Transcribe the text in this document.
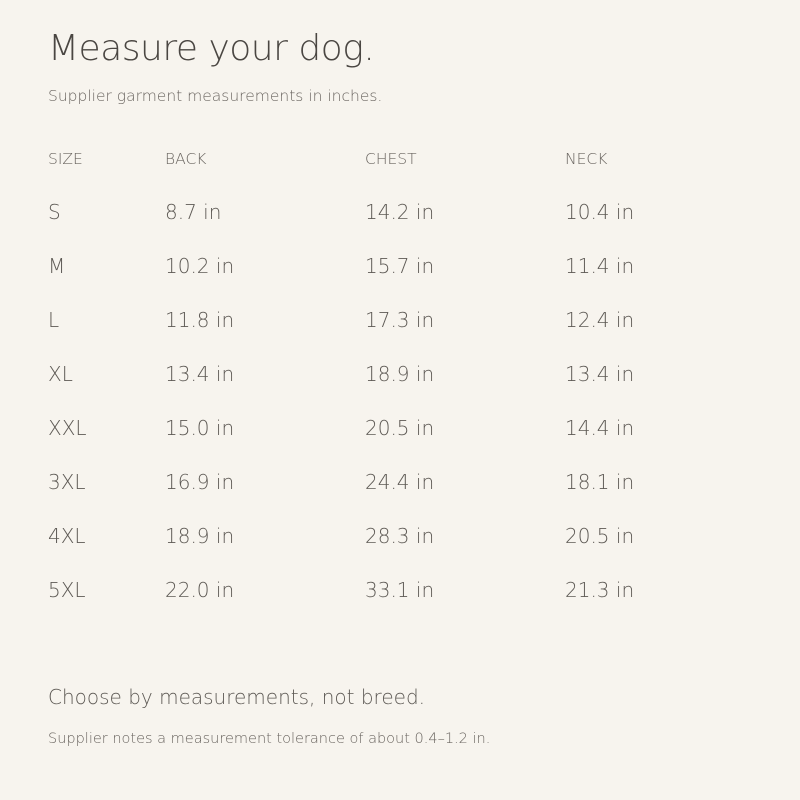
Measure your dog.
Supplier garment measurements in inches.
SIZE	BACK	CHEST	NECK
S	8.7 in	14.2 in	10.4 in
M	10.2 in	15.7 in	11.4 in
L	11.8 in	17.3 in	12.4 in
XL	13.4 in	18.9 in	13.4 in
XXL	15.0 in	20.5 in	14.4 in
3XL	16.9 in	24.4 in	18.1 in
4XL	18.9 in	28.3 in	20.5 in
5XL	22.0 in	33.1 in	21.3 in
Choose by measurements, not breed.
Supplier notes a measurement tolerance of about 0.4–1.2 in.
